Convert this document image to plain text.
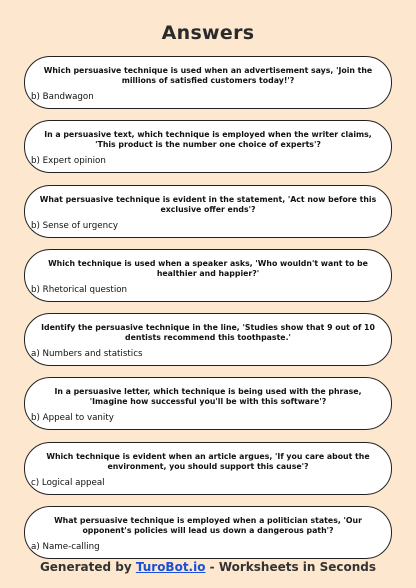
Answers
Which persuasive technique is used when an advertisement says, 'Join the millions of satisfied customers today!'?
b) Bandwagon
In a persuasive text, which technique is employed when the writer claims, 'This product is the number one choice of experts'?
b) Expert opinion
What persuasive technique is evident in the statement, 'Act now before this exclusive offer ends'?
b) Sense of urgency
Which technique is used when a speaker asks, 'Who wouldn't want to be healthier and happier?'
b) Rhetorical question
Identify the persuasive technique in the line, 'Studies show that 9 out of 10 dentists recommend this toothpaste.'
a) Numbers and statistics
In a persuasive letter, which technique is being used with the phrase, 'Imagine how successful you'll be with this software'?
b) Appeal to vanity
Which technique is evident when an article argues, 'If you care about the environment, you should support this cause'?
c) Logical appeal
What persuasive technique is employed when a politician states, 'Our opponent's policies will lead us down a dangerous path'?
a) Name-calling
Generated by TuroBot.io - Worksheets in Seconds
